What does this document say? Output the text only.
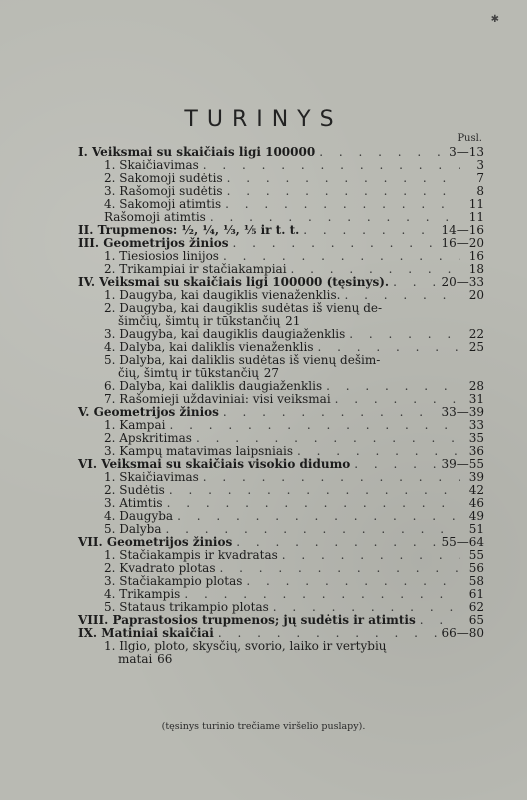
TURINYS
Pusl.
I. Veiksmai su skaičiais ligi 100000 . . .	3—13
1. Skaičiavimas . . .	3
2. Sakomoji sudėtis . . .	7
3. Rašomoji sudėtis . . .	8
4. Sakomoji atimtis . . .	11
Rašomoji atimtis . . .	11
II. Trupmenos: ½, ¼, ⅓, ⅕ ir t. t. . . .	14—16
III. Geometrijos žinios . . .	16—20
1. Tiesiosios linijos . . .	16
2. Trikampiai ir stačiakampiai . . .	18
IV. Veiksmai su skaičiais ligi 100000 (tęsinys). . . .	20—33
1. Daugyba, kai daugiklis vienaženklis. . . .	20
2. Daugyba, kai daugiklis sudėtas iš vienų de-
šimčių, šimtų ir tūkstančių 21
3. Daugyba, kai daugiklis daugiaženklis . . .	22
4. Dalyba, kai daliklis vienaženklis . . .	25
5. Dalyba, kai daliklis sudėtas iš vienų dešim-
čių, šimtų ir tūkstančių 27
6. Dalyba, kai daliklis daugiaženklis . . .	28
7. Rašomieji uždaviniai: visi veiksmai . . .	31
V. Geometrijos žinios . . .	33—39
1. Kampai . . .	33
2. Apskritimas . . .	35
3. Kampų matavimas laipsniais . . .	36
VI. Veiksmai su skaičiais visokio didumo . . .	39—55
1. Skaičiavimas . . .	39
2. Sudėtis . . .	42
3. Atimtis . . .	46
4. Daugyba . . .	49
5. Dalyba . . .	51
VII. Geometrijos žinios . . .	55—64
1. Stačiakampis ir kvadratas . . .	55
2. Kvadrato plotas . . .	56
3. Stačiakampio plotas . . .	58
4. Trikampis . . .	61
5. Stataus trikampio plotas . . .	62
VIII. Paprastosios trupmenos; jų sudėtis ir atimtis . . .	65
IX. Matiniai skaičiai . . .	66—80
1. Ilgio, ploto, skysčių, svorio, laiko ir vertybių
matai 66
(tęsinys turinio trečiame viršelio puslapy).
✱
